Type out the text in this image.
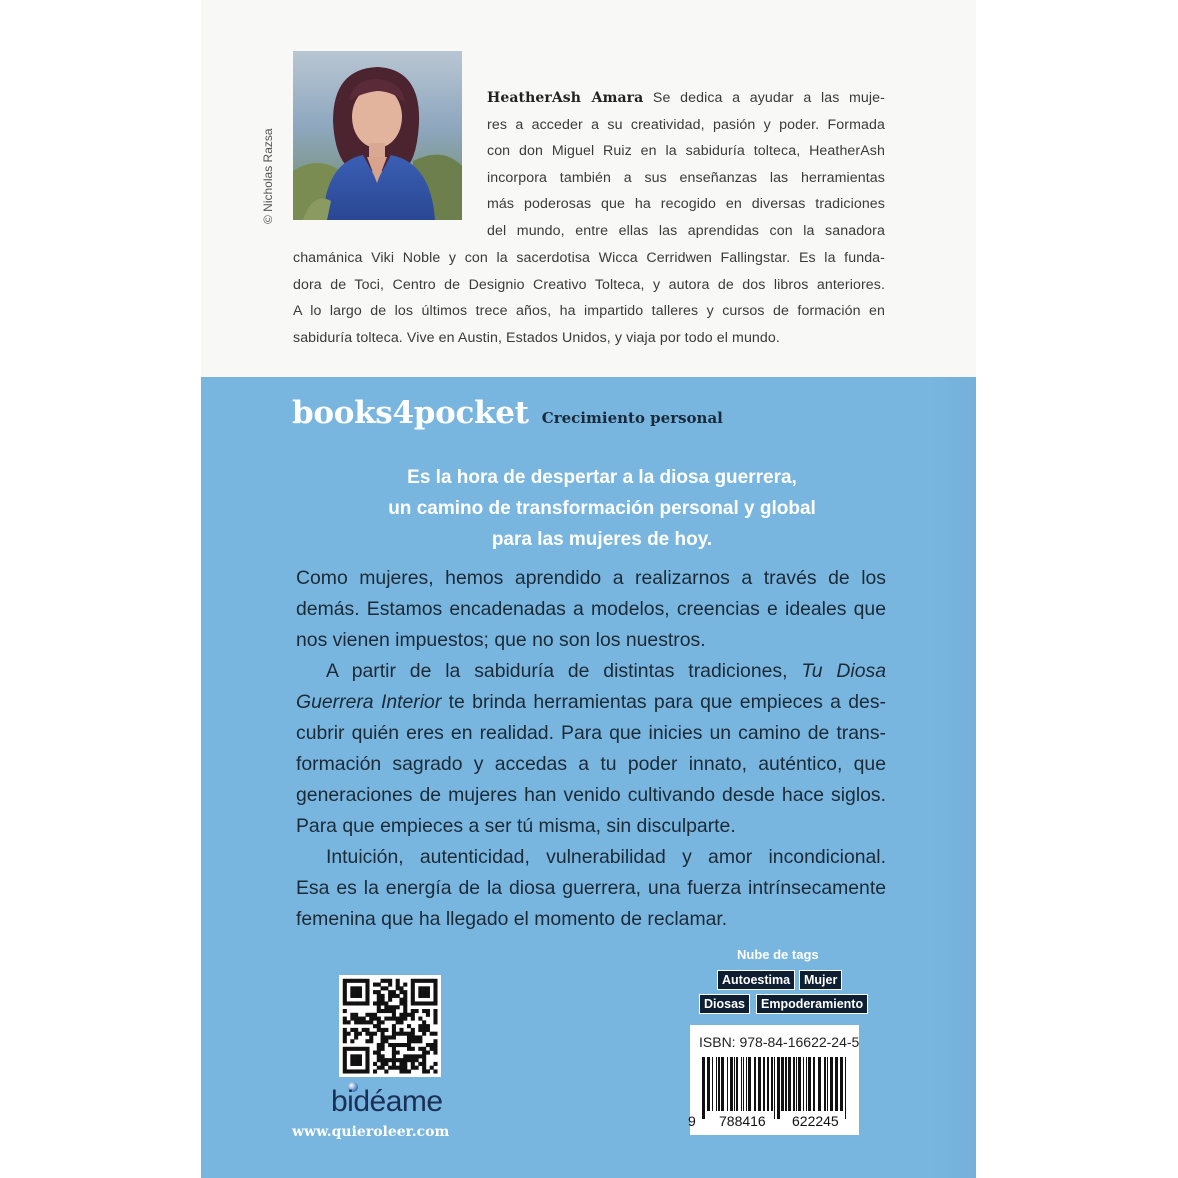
© Nicholas Razsa
HeatherAsh Amara Se dedica a ayudar a las muje-
res a acceder a su creatividad, pasión y poder. Formada
con don Miguel Ruiz en la sabiduría tolteca, HeatherAsh
incorpora también a sus enseñanzas las herramientas
más poderosas que ha recogido en diversas tradiciones
del mundo, entre ellas las aprendidas con la sanadora
chamánica Viki Noble y con la sacerdotisa Wicca Cerridwen Fallingstar. Es la funda-
dora de Toci, Centro de Designio Creativo Tolteca, y autora de dos libros anteriores.
A lo largo de los últimos trece años, ha impartido talleres y cursos de formación en
sabiduría tolteca. Vive en Austin, Estados Unidos, y viaja por todo el mundo.
books4pocket Crecimiento personal
Es la hora de despertar a la diosa guerrera,
un camino de transformación personal y global
para las mujeres de hoy.
Como mujeres, hemos aprendido a realizarnos a través de los
demás. Estamos encadenadas a modelos, creencias e ideales que
nos vienen impuestos; que no son los nuestros.
A partir de la sabiduría de distintas tradiciones, Tu Diosa
Guerrera Interior te brinda herramientas para que empieces a des-
cubrir quién eres en realidad. Para que inicies un camino de trans-
formación sagrado y accedas a tu poder innato, auténtico, que
generaciones de mujeres han venido cultivando desde hace siglos.
Para que empieces a ser tú misma, sin disculparte.
Intuición, autenticidad, vulnerabilidad y amor incondicional.
Esa es la energía de la diosa guerrera, una fuerza intrínsecamente
femenina que ha llegado el momento de reclamar.
Nube de tags
Autoestima	Mujer
Diosas	Empoderamiento
bidéame
www.quieroleer.com
ISBN: 978-84-16622-24-5
9 788416 622245
